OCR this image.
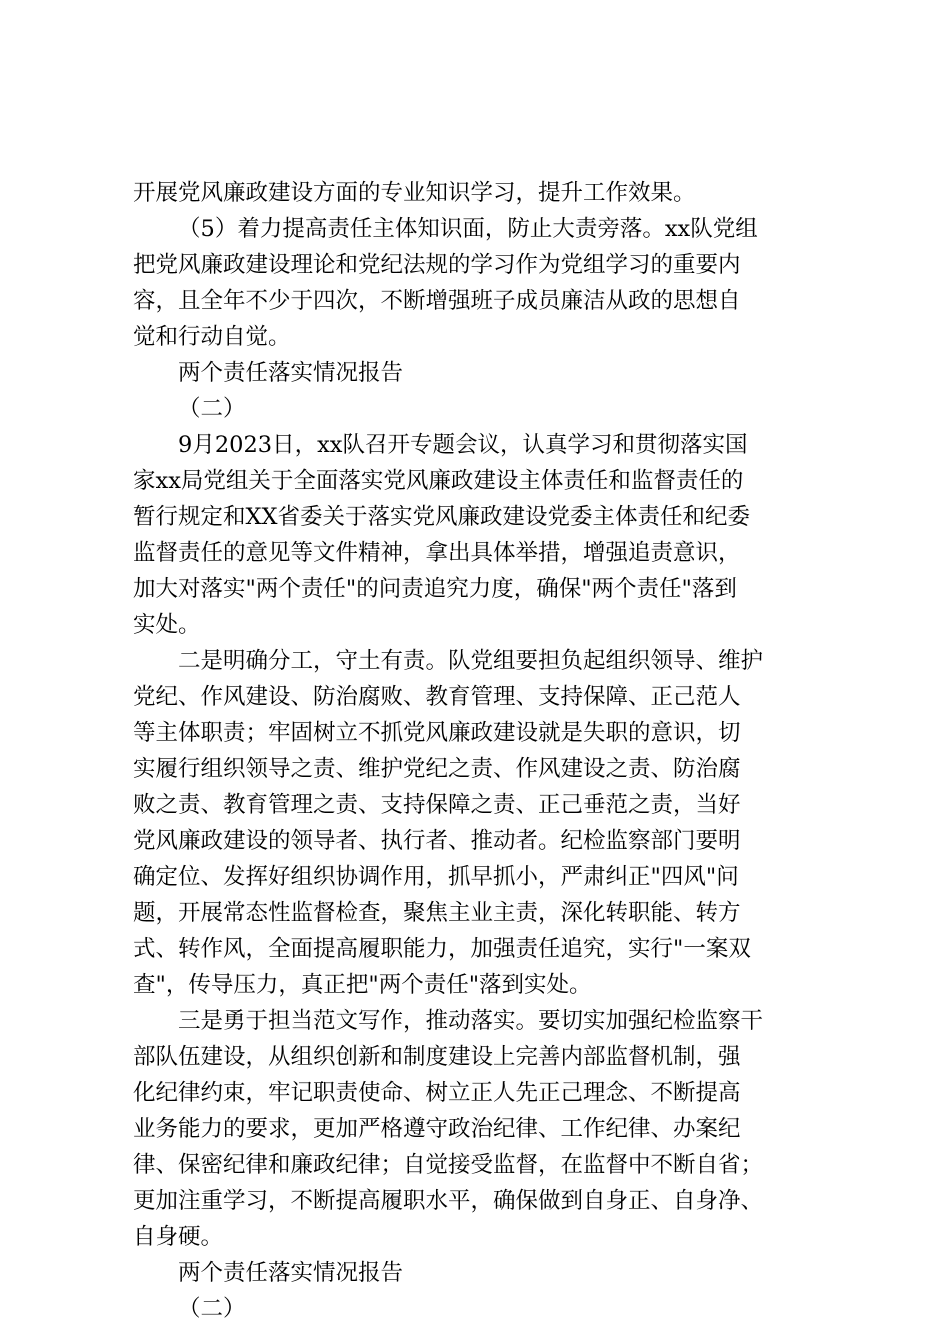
开展党风廉政建设方面的专业知识学习，提升工作效果。
（5）着力提高责任主体知识面，防止大责旁落。xx队党组
把党风廉政建设理论和党纪法规的学习作为党组学习的重要内
容，且全年不少于四次，不断增强班子成员廉洁从政的思想自
觉和行动自觉。
两个责任落实情况报告
（二）
9月2023日，xx队召开专题会议，认真学习和贯彻落实国
家xx局党组关于全面落实党风廉政建设主体责任和监督责任的
暂行规定和XX省委关于落实党风廉政建设党委主体责任和纪委
监督责任的意见等文件精神，拿出具体举措，增强追责意识，
加大对落实"两个责任"的问责追究力度，确保"两个责任"落到
实处。
二是明确分工，守土有责。队党组要担负起组织领导、维护
党纪、作风建设、防治腐败、教育管理、支持保障、正己范人
等主体职责；牢固树立不抓党风廉政建设就是失职的意识，切
实履行组织领导之责、维护党纪之责、作风建设之责、防治腐
败之责、教育管理之责、支持保障之责、正己垂范之责，当好
党风廉政建设的领导者、执行者、推动者。纪检监察部门要明
确定位、发挥好组织协调作用，抓早抓小，严肃纠正"四风"问
题，开展常态性监督检查，聚焦主业主责，深化转职能、转方
式、转作风，全面提高履职能力，加强责任追究，实行"一案双
查"，传导压力，真正把"两个责任"落到实处。
三是勇于担当范文写作，推动落实。要切实加强纪检监察干
部队伍建设，从组织创新和制度建设上完善内部监督机制，强
化纪律约束，牢记职责使命、树立正人先正己理念、不断提高
业务能力的要求，更加严格遵守政治纪律、工作纪律、办案纪
律、保密纪律和廉政纪律；自觉接受监督，在监督中不断自省；
更加注重学习，不断提高履职水平，确保做到自身正、自身净、
自身硬。
两个责任落实情况报告
（二）
